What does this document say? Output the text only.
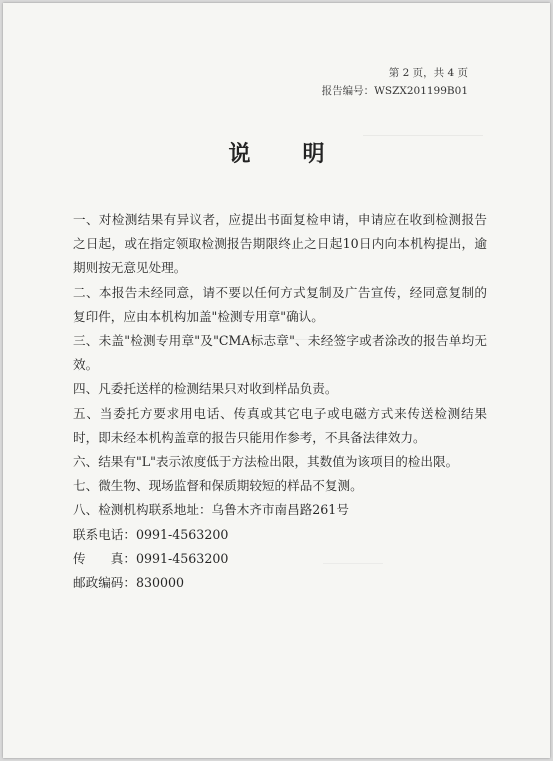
第 2 页，共 4 页
报告编号：WSZX201199B01
说 明

一、对检测结果有异议者，应提出书面复检申请，申请应在收到检测报告之日起，或在指定领取检测报告期限终止之日起10日内向本机构提出，逾期则按无意见处理。

二、本报告未经同意，请不要以任何方式复制及广告宣传，经同意复制的复印件，应由本机构加盖"检测专用章"确认。

三、未盖"检测专用章"及"CMA标志章"、未经签字或者涂改的报告单均无效。

四、凡委托送样的检测结果只对收到样品负责。

五、当委托方要求用电话、传真或其它电子或电磁方式来传送检测结果时，即未经本机构盖章的报告只能用作参考，不具备法律效力。

六、结果有"L"表示浓度低于方法检出限，其数值为该项目的检出限。

七、微生物、现场监督和保质期较短的样品不复测。

八、检测机构联系地址：乌鲁木齐市南昌路261号

联系电话：0991-4563200

传　　真：0991-4563200

邮政编码：830000
